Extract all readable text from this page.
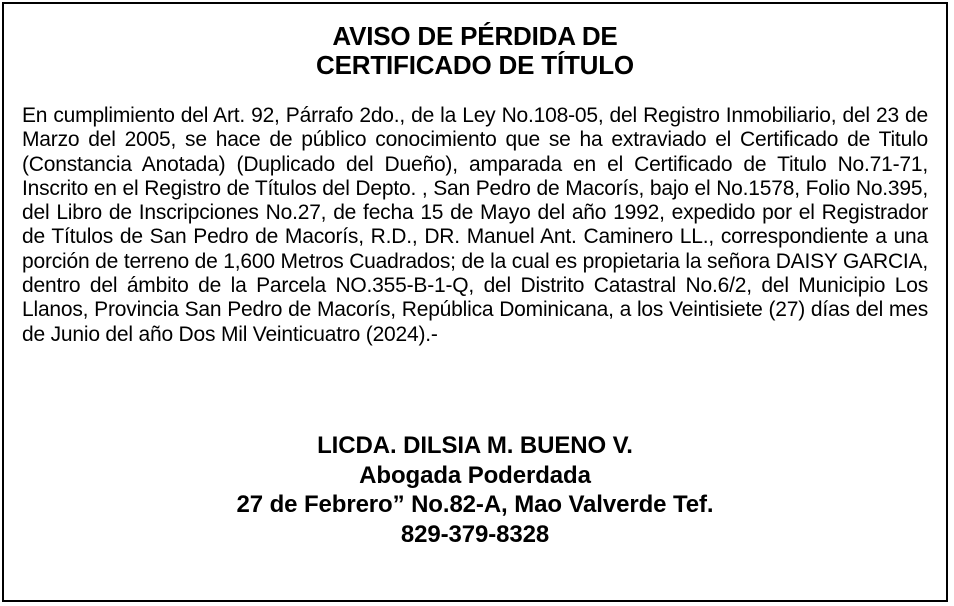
AVISO DE PÉRDIDA DE
CERTIFICADO DE TÍTULO

En cumplimiento del Art. 92, Párrafo 2do., de la Ley No.108-05, del Registro Inmobiliario, del 23 de Marzo del 2005, se hace de público conocimiento que se ha extraviado el Certificado de Titulo (Constancia Anotada) (Duplicado del Dueño), amparada en el Certificado de Titulo No.71-71, Inscrito en el Registro de Títulos del Depto. , San Pedro de Macorís, bajo el No.1578, Folio No.395, del Libro de Inscripciones No.27, de fecha 15 de Mayo del año 1992, expedido por el Registrador de Títulos de San Pedro de Macorís, R.D., DR. Manuel Ant. Caminero LL., correspondiente a una porción de terreno de 1,600 Metros Cuadrados; de la cual es propietaria la señora DAISY GARCIA, dentro del ámbito de la Parcela NO.355-B-1-Q, del Distrito Catastral No.6/2, del Municipio Los Llanos, Provincia San Pedro de Macorís, República Dominicana, a los Veintisiete (27) días del mes de Junio del año Dos Mil Veinticuatro (2024).-

LICDA. DILSIA M. BUENO V.
Abogada Poderdada
27 de Febrero” No.82-A, Mao Valverde Tef.
829-379-8328
